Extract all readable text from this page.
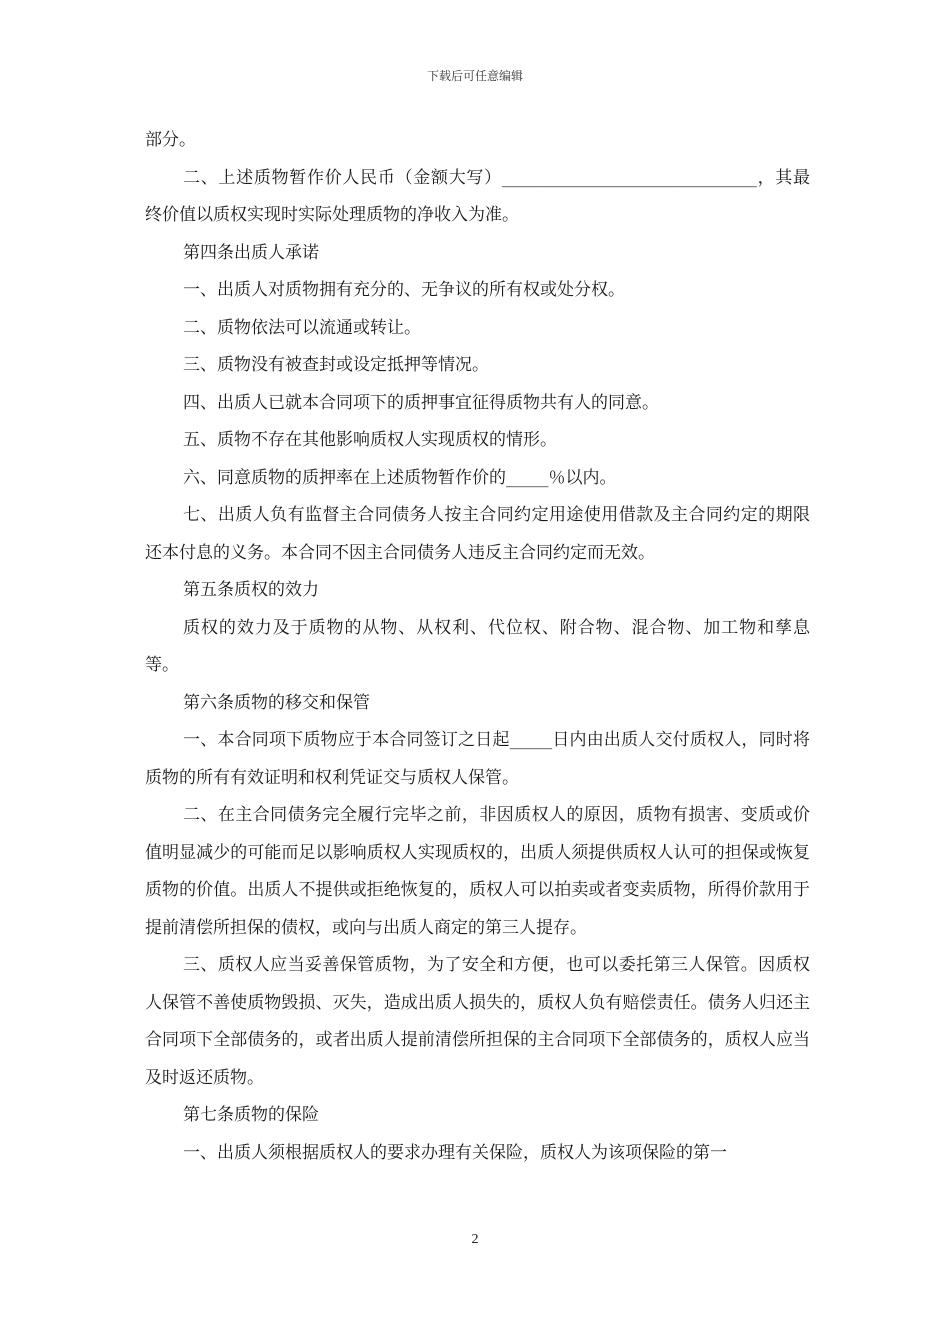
下载后可任意编辑

部分。

二、上述质物暂作价人民币（金额大写）______________________________，其最终价值以质权实现时实际处理质物的净收入为准。

第四条出质人承诺

一、出质人对质物拥有充分的、无争议的所有权或处分权。

二、质物依法可以流通或转让。

三、质物没有被查封或设定抵押等情况。

四、出质人已就本合同项下的质押事宜征得质物共有人的同意。

五、质物不存在其他影响质权人实现质权的情形。

六、同意质物的质押率在上述质物暂作价的_____％以内。

七、出质人负有监督主合同债务人按主合同约定用途使用借款及主合同约定的期限还本付息的义务。本合同不因主合同债务人违反主合同约定而无效。

第五条质权的效力

质权的效力及于质物的从物、从权利、代位权、附合物、混合物、加工物和孳息等。

第六条质物的移交和保管

一、本合同项下质物应于本合同签订之日起_____日内由出质人交付质权人，同时将质物的所有有效证明和权利凭证交与质权人保管。

二、在主合同债务完全履行完毕之前，非因质权人的原因，质物有损害、变质或价值明显减少的可能而足以影响质权人实现质权的，出质人须提供质权人认可的担保或恢复质物的价值。出质人不提供或拒绝恢复的，质权人可以拍卖或者变卖质物，所得价款用于提前清偿所担保的债权，或向与出质人商定的第三人提存。

三、质权人应当妥善保管质物，为了安全和方便，也可以委托第三人保管。因质权人保管不善使质物毁损、灭失，造成出质人损失的，质权人负有赔偿责任。债务人归还主合同项下全部债务的，或者出质人提前清偿所担保的主合同项下全部债务的，质权人应当及时返还质物。

第七条质物的保险

一、出质人须根据质权人的要求办理有关保险，质权人为该项保险的第一

2
